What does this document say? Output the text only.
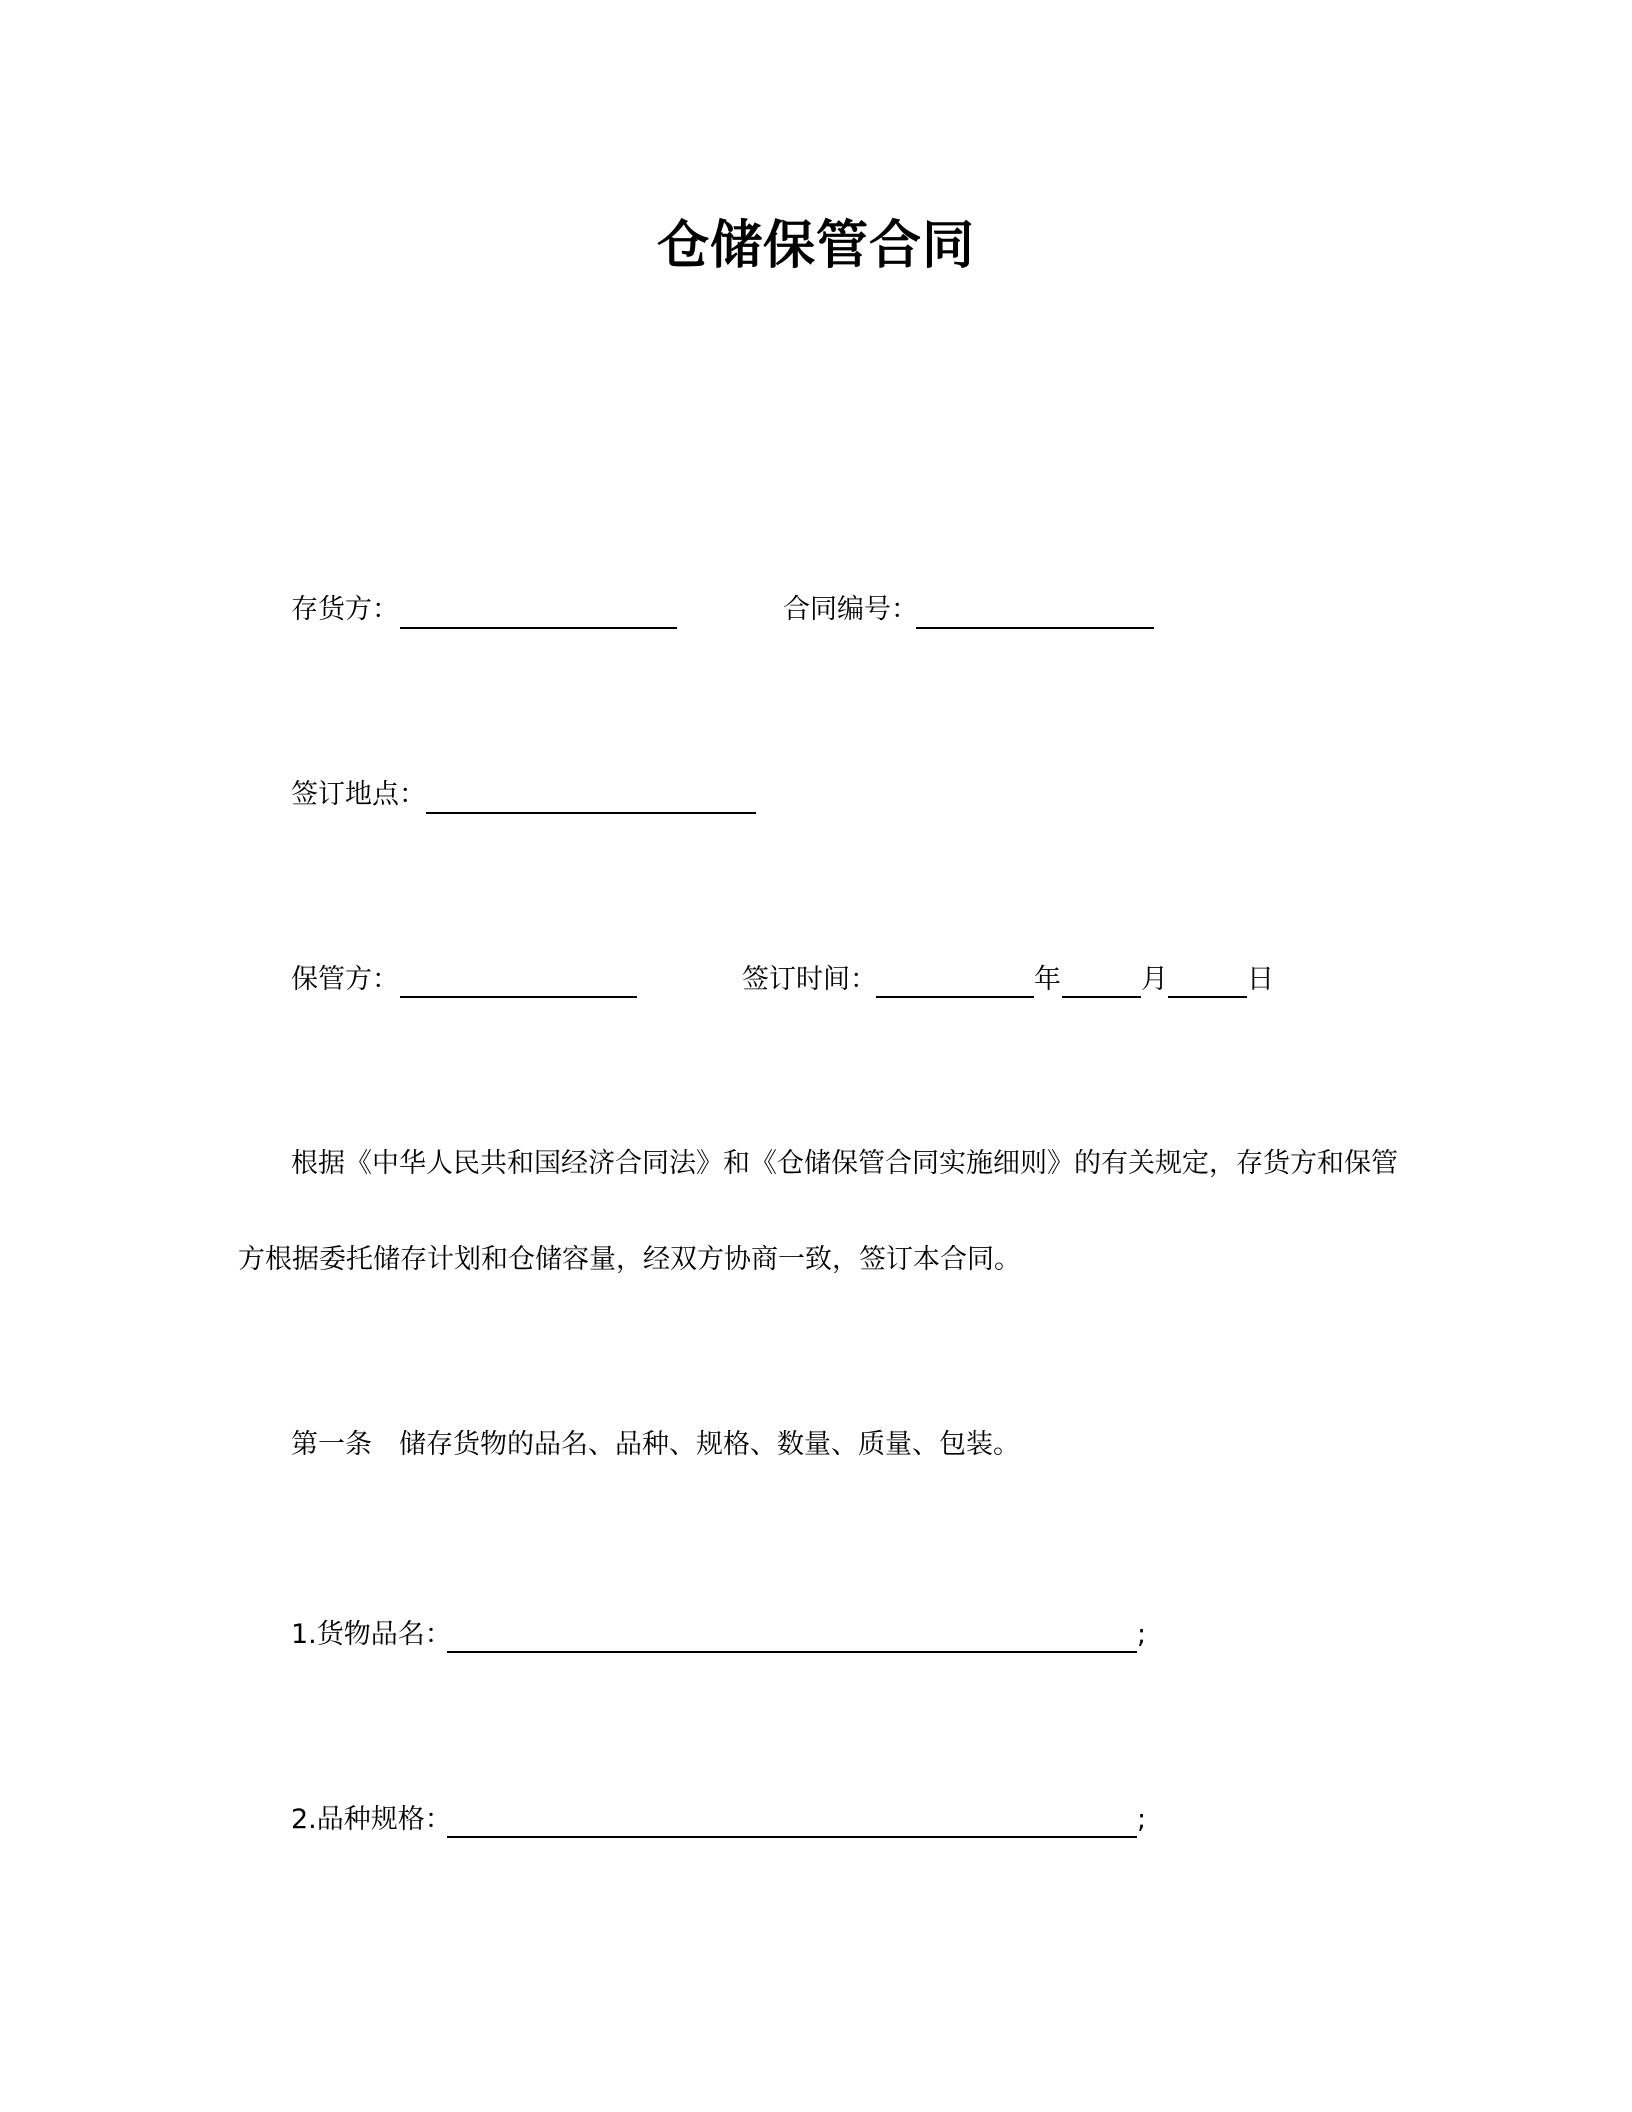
仓储保管合同
存货方：	合同编号：
签订地点：
保管方：	签订时间：	年	月	日
根据《中华人民共和国经济合同法》和《仓储保管合同实施细则》的有关规定，存货方和保管
方根据委托储存计划和仓储容量，经双方协商一致，签订本合同。
第一条　储存货物的品名、品种、规格、数量、质量、包装。
1.货物品名：	;
2.品种规格：	;
